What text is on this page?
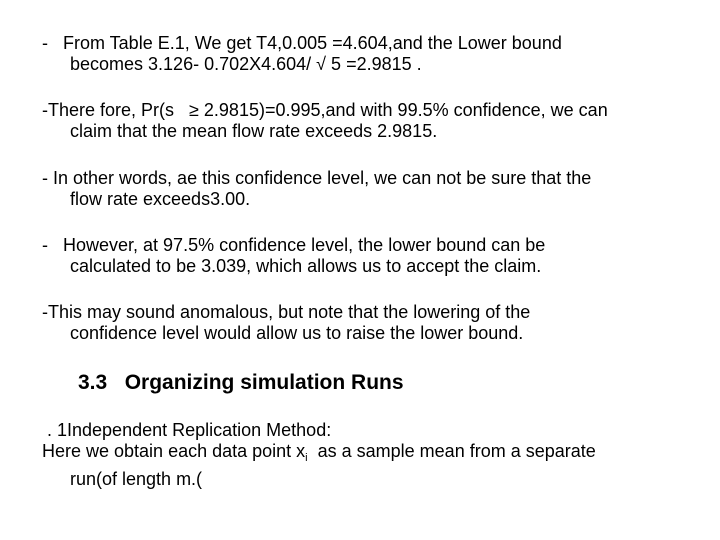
-   From Table E.1, We get T4,0.005 =4.604,and the Lower bound
becomes 3.126- 0.702X4.604/ √ 5 =2.9815 .

-There fore, Pr(s   ≥ 2.9815)=0.995,and with 99.5% confidence, we can
claim that the mean flow rate exceeds 2.9815.

- In other words, ae this confidence level, we can not be sure that the
flow rate exceeds3.00.

-   However, at 97.5% confidence level, the lower bound can be
calculated to be 3.039, which allows us to accept the claim.

-This may sound anomalous, but note that the lowering of the
confidence level would allow us to raise the lower bound.

3.3   Organizing simulation Runs

. 1Independent Replication Method:
Here we obtain each data point $x_i$  as a sample mean from a separate
run(of length m.(
